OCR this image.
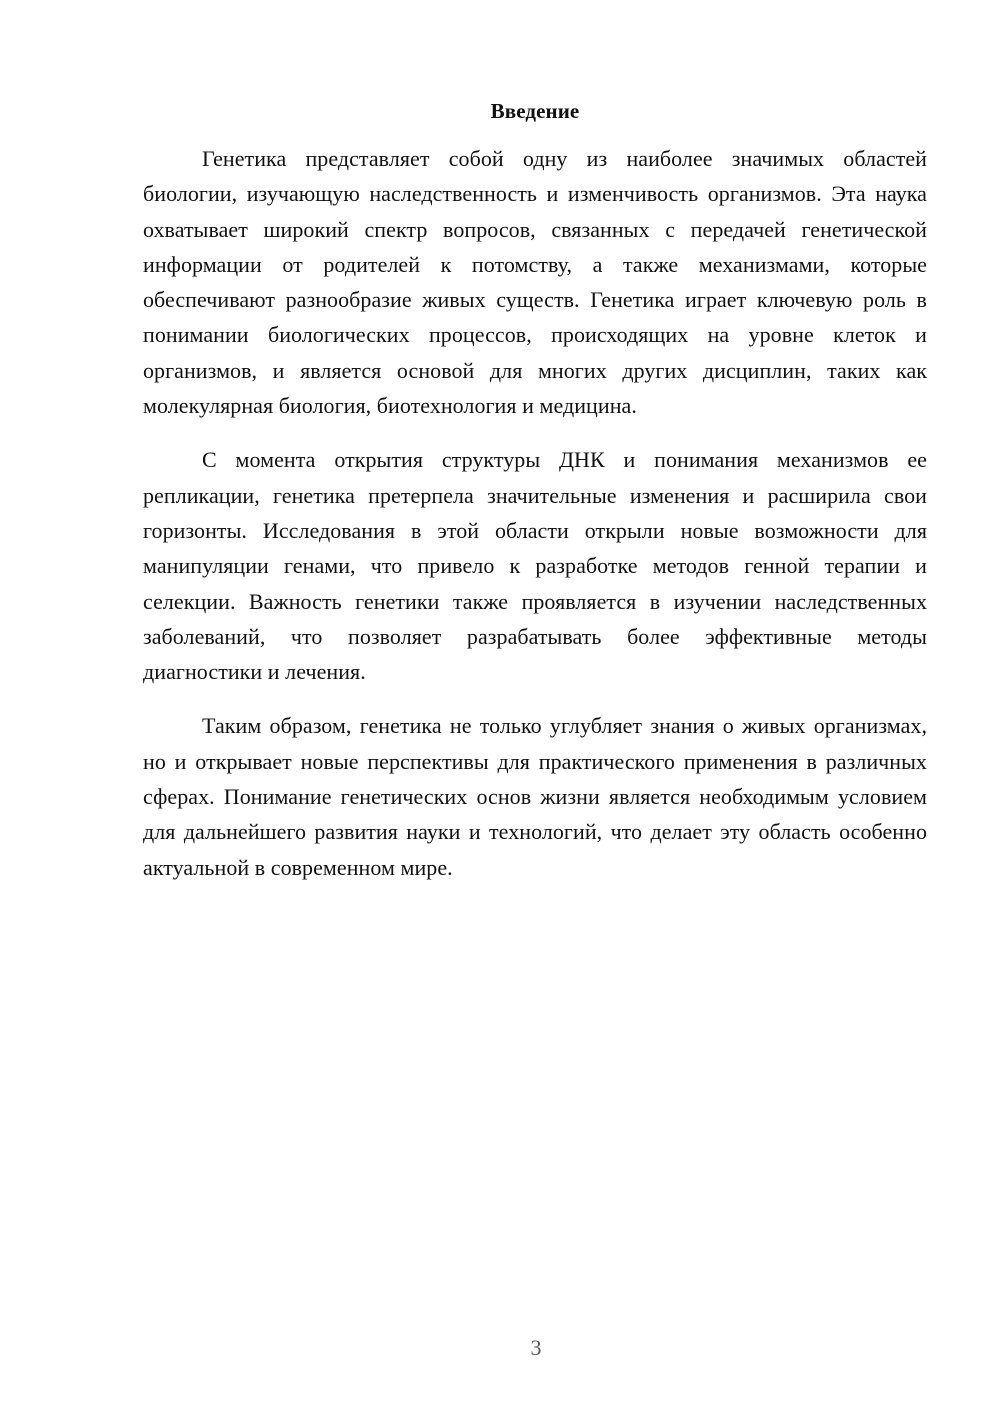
Введение

Генетика представляет собой одну из наиболее значимых областей биологии, изучающую наследственность и изменчивость организмов. Эта наука охватывает широкий спектр вопросов, связанных с передачей генетической информации от родителей к потомству, а также механизмами, которые обеспечивают разнообразие живых существ. Генетика играет ключевую роль в понимании биологических процессов, происходящих на уровне клеток и организмов, и является основой для многих других дисциплин, таких как молекулярная биология, биотехнология и медицина.

С момента открытия структуры ДНК и понимания механизмов ее репликации, генетика претерпела значительные изменения и расширила свои горизонты. Исследования в этой области открыли новые возможности для манипуляции генами, что привело к разработке методов генной терапии и селекции. Важность генетики также проявляется в изучении наследственных заболеваний, что позволяет разрабатывать более эффективные методы диагностики и лечения.

Таким образом, генетика не только углубляет знания о живых организмах, но и открывает новые перспективы для практического применения в различных сферах. Понимание генетических основ жизни является необходимым условием для дальнейшего развития науки и технологий, что делает эту область особенно актуальной в современном мире.

3
